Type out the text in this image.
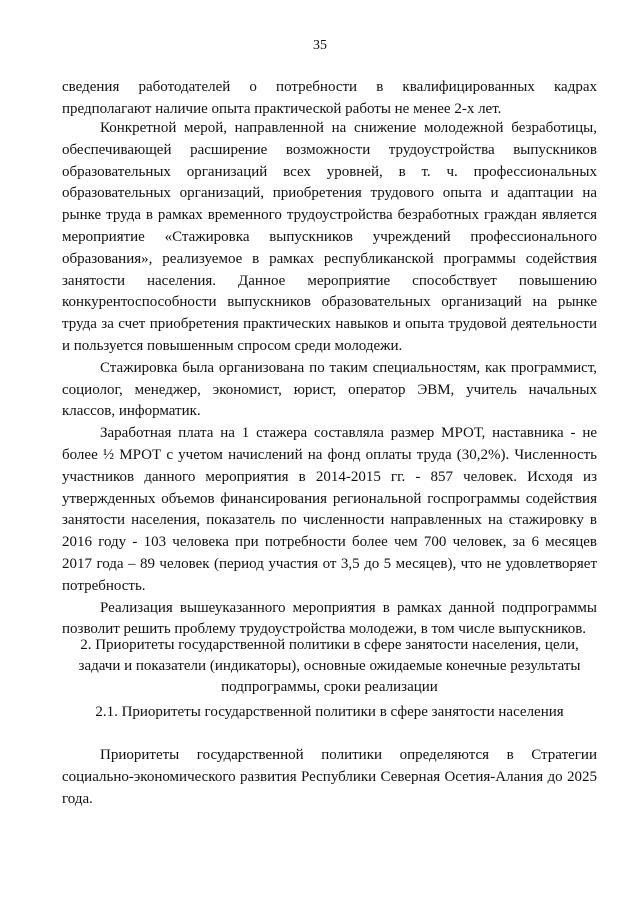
35

сведения работодателей о потребности в квалифицированных кадрах предполагают наличие опыта практической работы не менее 2-х лет.

Конкретной мерой, направленной на снижение молодежной безработицы, обеспечивающей расширение возможности трудоустройства выпускников образовательных организаций всех уровней, в т. ч. профессиональных образовательных организаций, приобретения трудового опыта и адаптации на рынке труда в рамках временного трудоустройства безработных граждан является мероприятие «Стажировка выпускников учреждений профессионального образования», реализуемое в рамках республиканской программы содействия занятости населения. Данное мероприятие способствует повышению конкурентоспособности выпускников образовательных организаций на рынке труда за счет приобретения практических навыков и опыта трудовой деятельности и пользуется повышенным спросом среди молодежи.

Стажировка была организована по таким специальностям, как программист, социолог, менеджер, экономист, юрист, оператор ЭВМ, учитель начальных классов, информатик.

Заработная плата на 1 стажера составляла размер МРОТ, наставника - не более ½ МРОТ с учетом начислений на фонд оплаты труда (30,2%). Численность участников данного мероприятия в 2014-2015 гг. - 857 человек. Исходя из утвержденных объемов финансирования региональной госпрограммы содействия занятости населения, показатель по численности направленных на стажировку в 2016 году - 103 человека при потребности более чем 700 человек, за 6 месяцев 2017 года – 89 человек (период участия от 3,5 до 5 месяцев), что не удовлетворяет потребность.

Реализация вышеуказанного мероприятия в рамках данной подпрограммы позволит решить проблему трудоустройства молодежи, в том числе выпускников.

2. Приоритеты государственной политики в сфере занятости населения, цели, задачи и показатели (индикаторы), основные ожидаемые конечные результаты подпрограммы, сроки реализации

2.1. Приоритеты государственной политики в сфере занятости населения

Приоритеты государственной политики определяются в Стратегии социально-экономического развития Республики Северная Осетия-Алания до 2025 года.
